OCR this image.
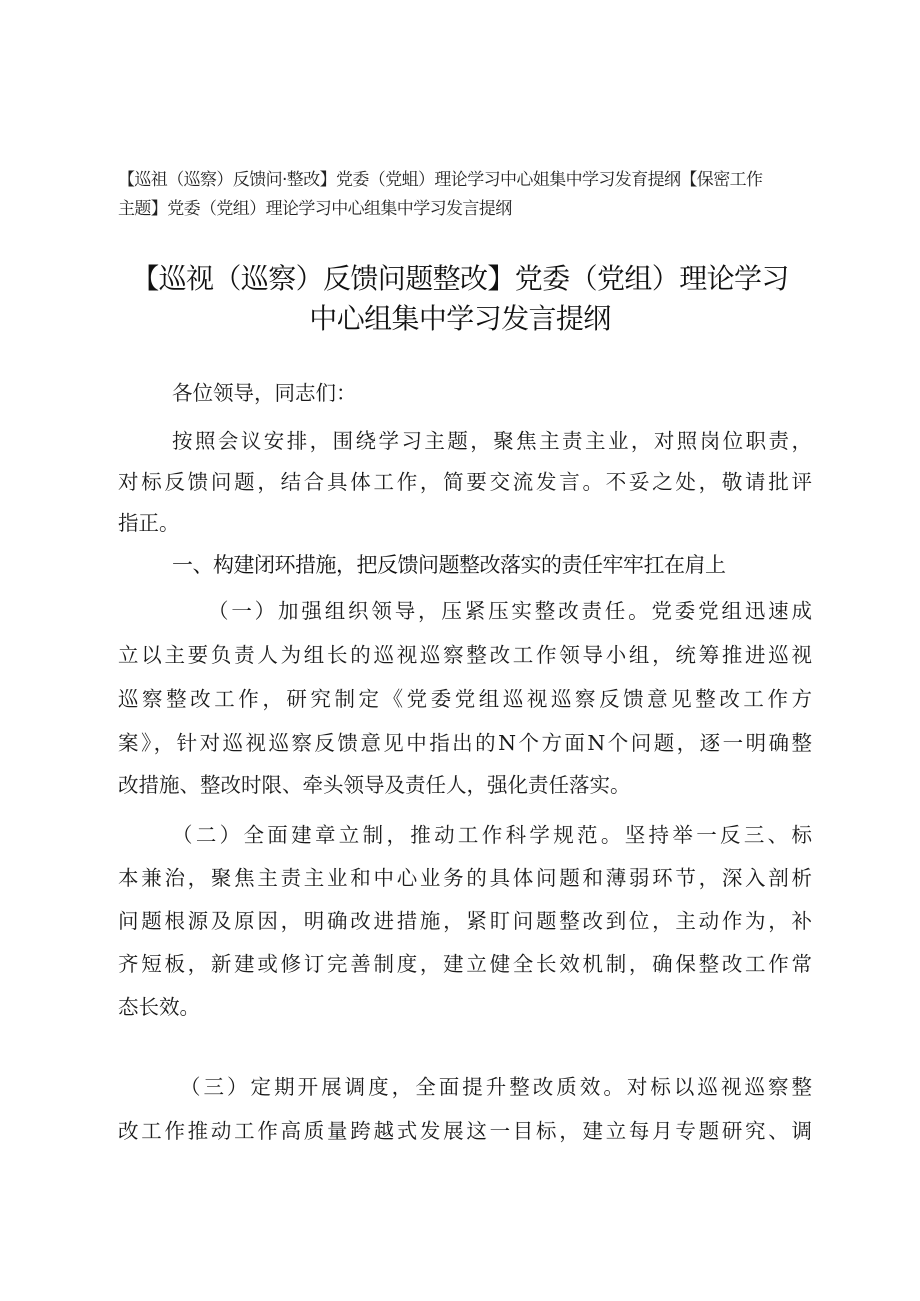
【巡祖（巡察）反馈问·整改】党委（党蛆）理论学习中心姐集中学习发育提纲【保密工作
主题】党委（党组）理论学习中心组集中学习发言提纲
【巡视（巡察）反馈问题整改】党委（党组）理论学习
中心组集中学习发言提纲
各位领导，同志们：
按照会议安排，围绕学习主题，聚焦主责主业，对照岗位职责，
对标反馈问题，结合具体工作，简要交流发言。不妥之处，敬请批评
指正。
一、构建闭环措施，把反馈问题整改落实的责任牢牢扛在肩上
（一）加强组织领导，压紧压实整改责任。党委党组迅速成
立以主要负责人为组长的巡视巡察整改工作领导小组，统筹推进巡视
巡察整改工作，研究制定《党委党组巡视巡察反馈意见整改工作方
案》，针对巡视巡察反馈意见中指出的N个方面N个问题，逐一明确整
改措施、整改时限、牵头领导及责任人，强化责任落实。
（二）全面建章立制，推动工作科学规范。坚持举一反三、标
本兼治，聚焦主责主业和中心业务的具体问题和薄弱环节，深入剖析
问题根源及原因，明确改进措施，紧盯问题整改到位，主动作为，补
齐短板，新建或修订完善制度，建立健全长效机制，确保整改工作常
态长效。
（三）定期开展调度，全面提升整改质效。对标以巡视巡察整
改工作推动工作高质量跨越式发展这一目标，建立每月专题研究、调
